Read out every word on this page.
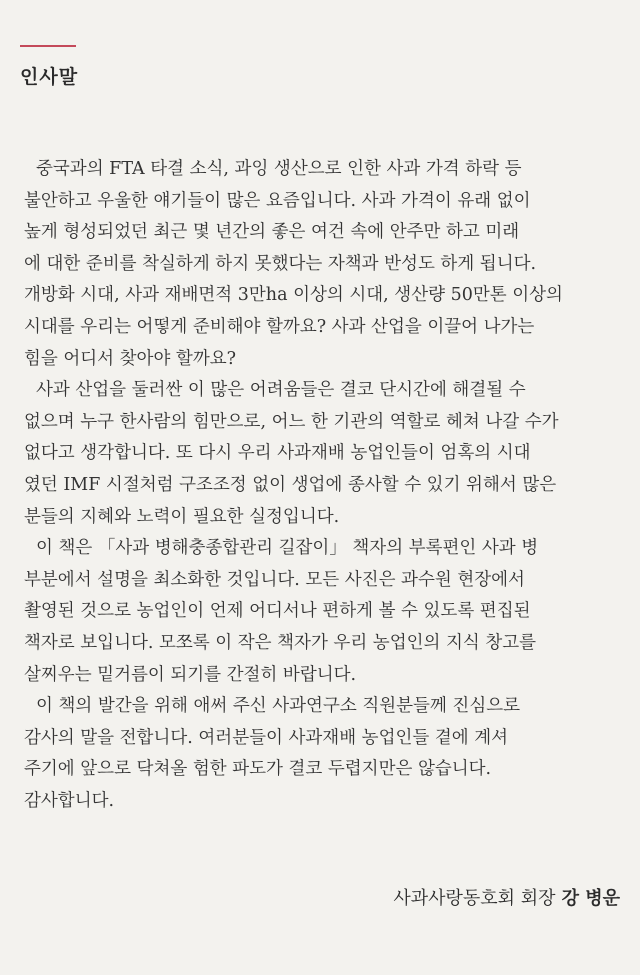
인사말

중국과의 FTA 타결 소식, 과잉 생산으로 인한 사과 가격 하락 등
불안하고 우울한 얘기들이 많은 요즘입니다. 사과 가격이 유래 없이
높게 형성되었던 최근 몇 년간의 좋은 여건 속에 안주만 하고 미래
에 대한 준비를 착실하게 하지 못했다는 자책과 반성도 하게 됩니다.
개방화 시대, 사과 재배면적 3만ha 이상의 시대, 생산량 50만톤 이상의
시대를 우리는 어떻게 준비해야 할까요? 사과 산업을 이끌어 나가는
힘을 어디서 찾아야 할까요?

사과 산업을 둘러싼 이 많은 어려움들은 결코 단시간에 해결될 수
없으며 누구 한사람의 힘만으로, 어느 한 기관의 역할로 헤쳐 나갈 수가
없다고 생각합니다. 또 다시 우리 사과재배 농업인들이 엄혹의 시대
였던 IMF 시절처럼 구조조정 없이 생업에 종사할 수 있기 위해서 많은
분들의 지혜와 노력이 필요한 실정입니다.

이 책은 「사과 병해충종합관리 길잡이」 책자의 부록편인 사과 병
부분에서 설명을 최소화한 것입니다. 모든 사진은 과수원 현장에서
촬영된 것으로 농업인이 언제 어디서나 편하게 볼 수 있도록 편집된
책자로 보입니다. 모쪼록 이 작은 책자가 우리 농업인의 지식 창고를
살찌우는 밑거름이 되기를 간절히 바랍니다.

이 책의 발간을 위해 애써 주신 사과연구소 직원분들께 진심으로
감사의 말을 전합니다. 여러분들이 사과재배 농업인들 곁에 계셔
주기에 앞으로 닥쳐올 험한 파도가 결코 두렵지만은 않습니다.
감사합니다.

사과사랑동호회 회장 강 병운
